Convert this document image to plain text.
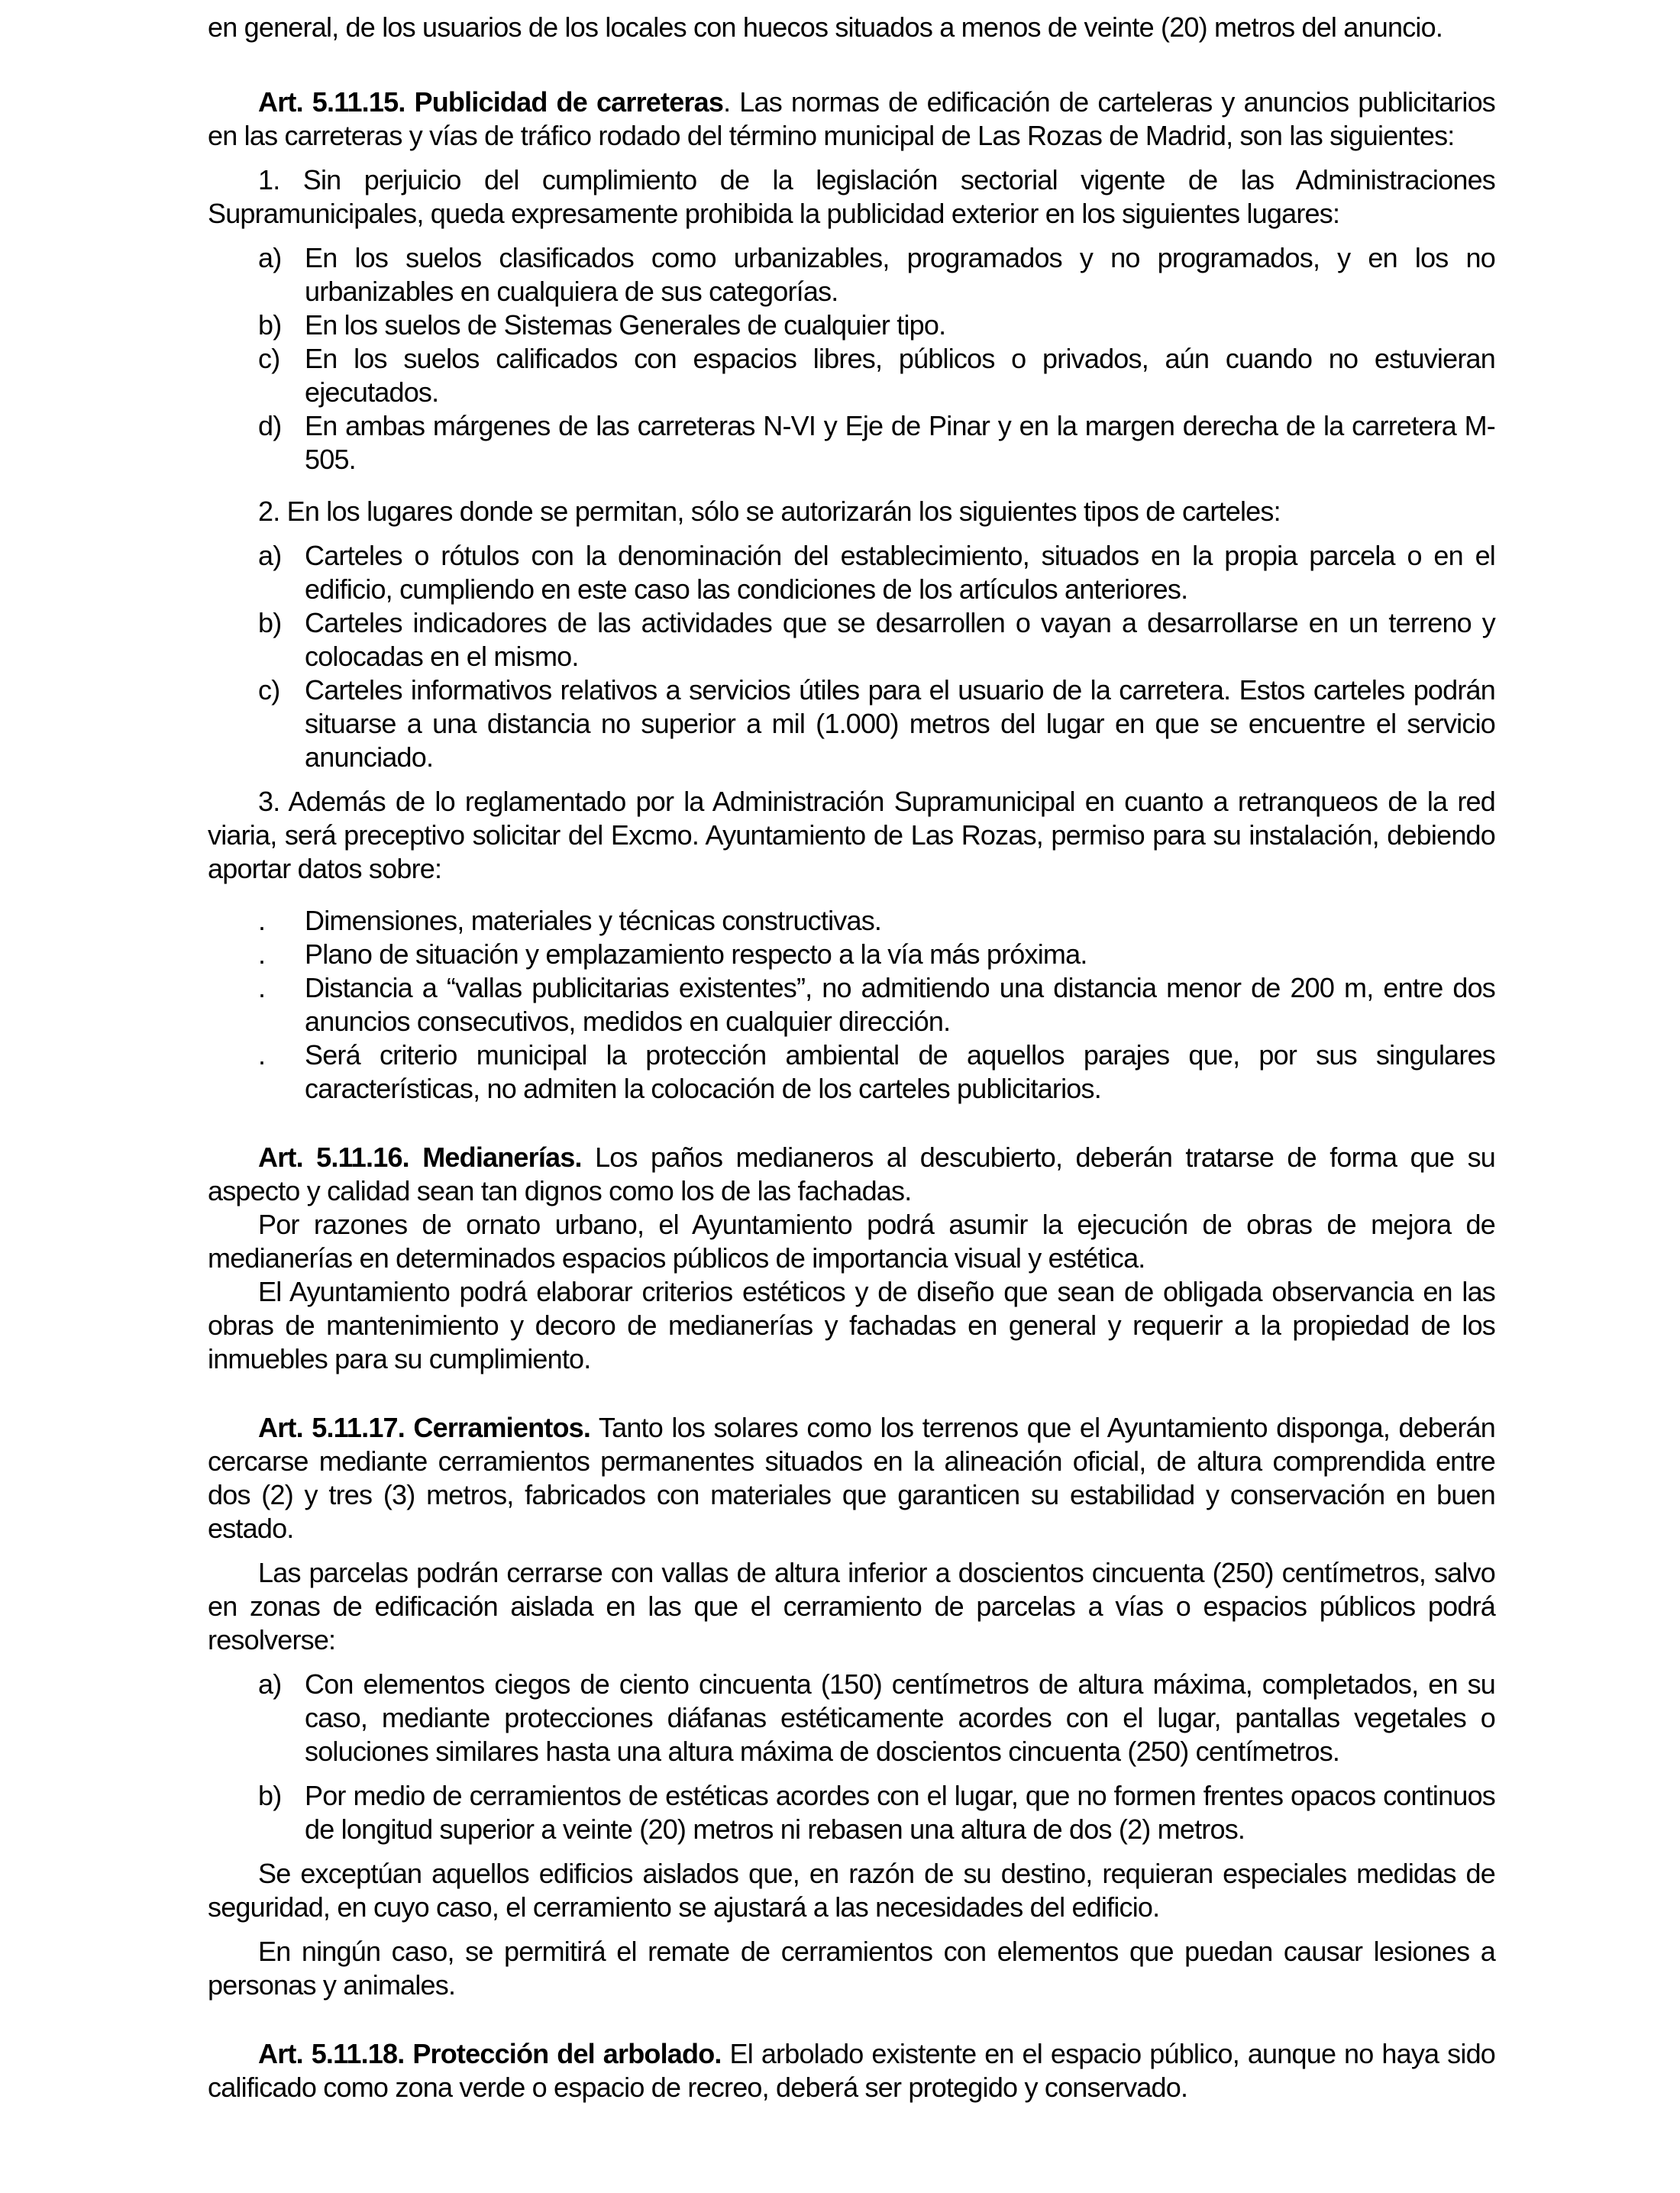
en general, de los usuarios de los locales con huecos situados a menos de veinte (20) metros del anuncio.

Art. 5.11.15. Publicidad de carreteras. Las normas de edificación de carteleras y anuncios publicitarios en las carreteras y vías de tráfico rodado del término municipal de Las Rozas de Madrid, son las siguientes:

1. Sin perjuicio del cumplimiento de la legislación sectorial vigente de las Administraciones Supramunicipales, queda expresamente prohibida la publicidad exterior en los siguientes lugares:

a) En los suelos clasificados como urbanizables, programados y no programados, y en los no urbanizables en cualquiera de sus categorías.
b) En los suelos de Sistemas Generales de cualquier tipo.
c) En los suelos calificados con espacios libres, públicos o privados, aún cuando no estuvieran ejecutados.
d) En ambas márgenes de las carreteras N-VI y Eje de Pinar y en la margen derecha de la carretera M-505.

2. En los lugares donde se permitan, sólo se autorizarán los siguientes tipos de carteles:

a) Carteles o rótulos con la denominación del establecimiento, situados en la propia parcela o en el edificio, cumpliendo en este caso las condiciones de los artículos anteriores.
b) Carteles indicadores de las actividades que se desarrollen o vayan a desarrollarse en un terreno y colocadas en el mismo.
c) Carteles informativos relativos a servicios útiles para el usuario de la carretera. Estos carteles podrán situarse a una distancia no superior a mil (1.000) metros del lugar en que se encuentre el servicio anunciado.

3. Además de lo reglamentado por la Administración Supramunicipal en cuanto a retranqueos de la red viaria, será preceptivo solicitar del Excmo. Ayuntamiento de Las Rozas, permiso para su instalación, debiendo aportar datos sobre:

. Dimensiones, materiales y técnicas constructivas.
. Plano de situación y emplazamiento respecto a la vía más próxima.
. Distancia a “vallas publicitarias existentes”, no admitiendo una distancia menor de 200 m, entre dos anuncios consecutivos, medidos en cualquier dirección.
. Será criterio municipal la protección ambiental de aquellos parajes que, por sus singulares características, no admiten la colocación de los carteles publicitarios.

Art. 5.11.16. Medianerías. Los paños medianeros al descubierto, deberán tratarse de forma que su aspecto y calidad sean tan dignos como los de las fachadas.

Por razones de ornato urbano, el Ayuntamiento podrá asumir la ejecución de obras de mejora de medianerías en determinados espacios públicos de importancia visual y estética.

El Ayuntamiento podrá elaborar criterios estéticos y de diseño que sean de obligada observancia en las obras de mantenimiento y decoro de medianerías y fachadas en general y requerir a la propiedad de los inmuebles para su cumplimiento.

Art. 5.11.17. Cerramientos. Tanto los solares como los terrenos que el Ayuntamiento disponga, deberán cercarse mediante cerramientos permanentes situados en la alineación oficial, de altura comprendida entre dos (2) y tres (3) metros, fabricados con materiales que garanticen su estabilidad y conservación en buen estado.

Las parcelas podrán cerrarse con vallas de altura inferior a doscientos cincuenta (250) centímetros, salvo en zonas de edificación aislada en las que el cerramiento de parcelas a vías o espacios públicos podrá resolverse:

a) Con elementos ciegos de ciento cincuenta (150) centímetros de altura máxima, completados, en su caso, mediante protecciones diáfanas estéticamente acordes con el lugar, pantallas vegetales o soluciones similares hasta una altura máxima de doscientos cincuenta (250) centímetros.
b) Por medio de cerramientos de estéticas acordes con el lugar, que no formen frentes opacos continuos de longitud superior a veinte (20) metros ni rebasen una altura de dos (2) metros.

Se exceptúan aquellos edificios aislados que, en razón de su destino, requieran especiales medidas de seguridad, en cuyo caso, el cerramiento se ajustará a las necesidades del edificio.

En ningún caso, se permitirá el remate de cerramientos con elementos que puedan causar lesiones a personas y animales.

Art. 5.11.18. Protección del arbolado. El arbolado existente en el espacio público, aunque no haya sido calificado como zona verde o espacio de recreo, deberá ser protegido y conservado.
